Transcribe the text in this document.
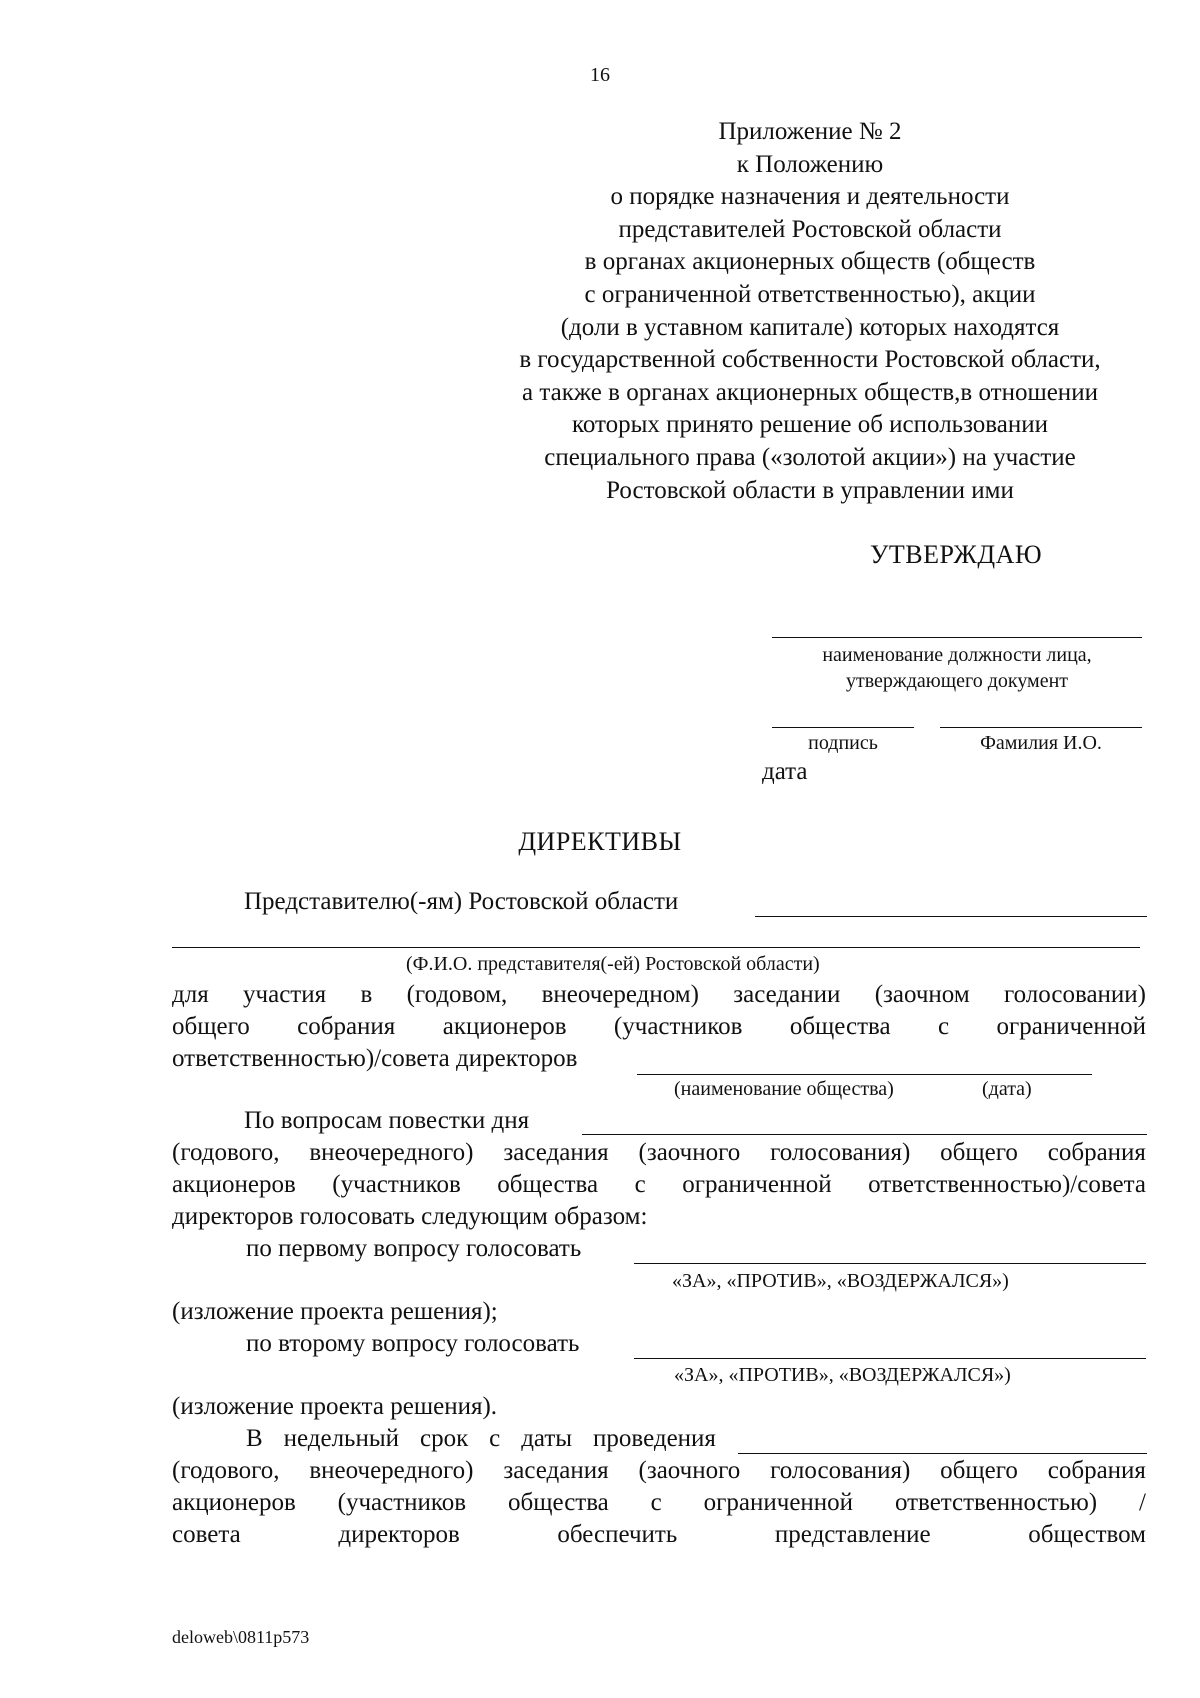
16
Приложение № 2
к Положению
о порядке назначения и деятельности
представителей Ростовской области
в органах акционерных обществ (обществ
с ограниченной ответственностью), акции
(доли в уставном капитале) которых находятся
в государственной собственности Ростовской области,
а также в органах акционерных обществ,в отношении
которых принято решение об использовании
специального права («золотой акции») на участие
Ростовской области в управлении ими
УТВЕРЖДАЮ
наименование должности лица,
утверждающего документ
подпись	Фамилия И.О.
дата
ДИРЕКТИВЫ
Представителю(-ям) Ростовской области
(Ф.И.О. представителя(-ей) Ростовской области)
для участия в (годовом, внеочередном) заседании (заочном голосовании)
общего собрания акционеров (участников общества с ограниченной
ответственностью)/совета директоров
(наименование общества)	(дата)
По вопросам повестки дня
(годового, внеочередного) заседания (заочного голосования) общего собрания
акционеров (участников общества с ограниченной ответственностью)/совета
директоров голосовать следующим образом:
по первому вопросу голосовать
«ЗА», «ПРОТИВ», «ВОЗДЕРЖАЛСЯ»)
(изложение проекта решения);
по второму вопросу голосовать
«ЗА», «ПРОТИВ», «ВОЗДЕРЖАЛСЯ»)
(изложение проекта решения).
В недельный срок с даты проведения
(годового, внеочередного) заседания (заочного голосования) общего собрания
акционеров (участников общества с ограниченной ответственностью) /
совета	директоров	обеспечить	представление	обществом
deloweb\0811p573
